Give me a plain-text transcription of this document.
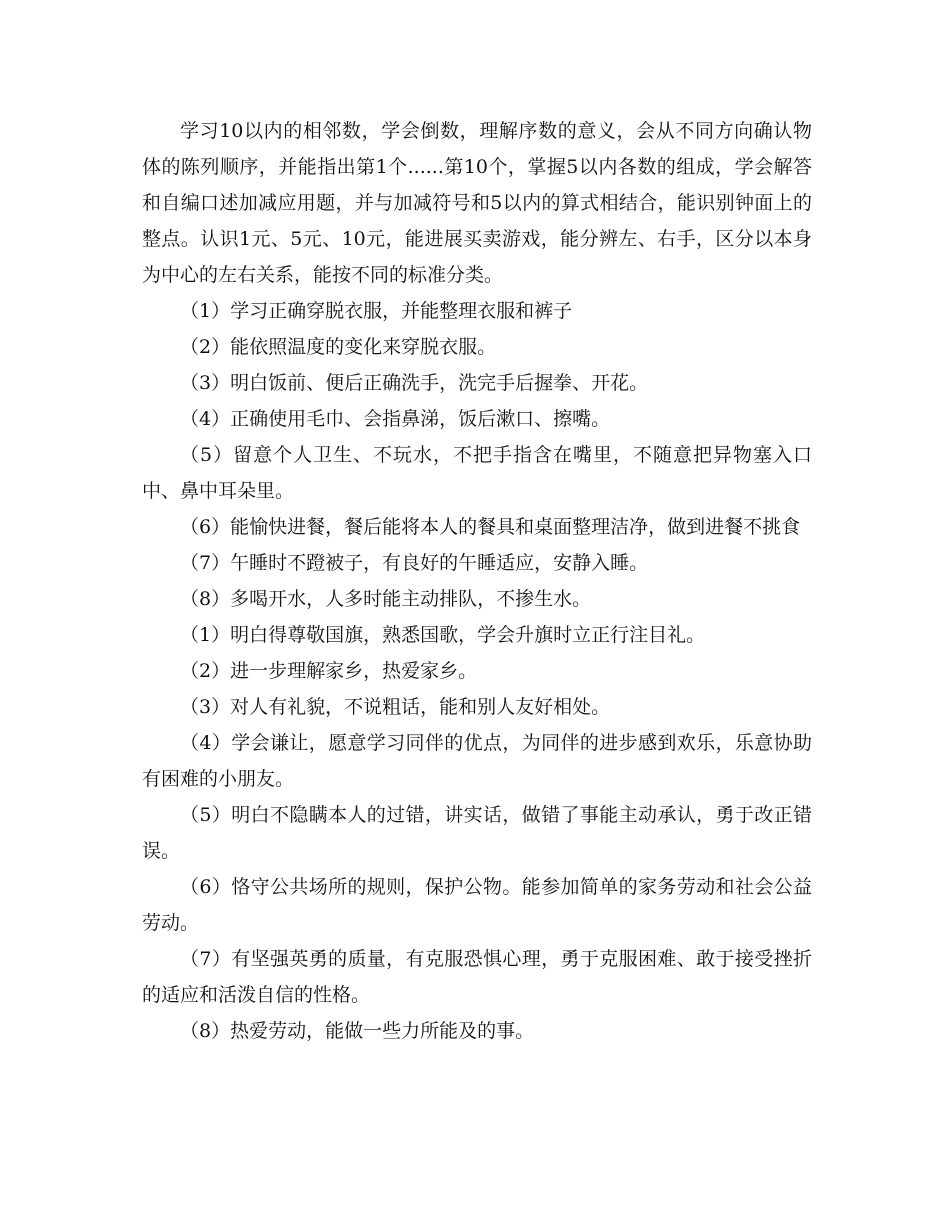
学习10以内的相邻数，学会倒数，理解序数的意义，会从不同方向确认物体的陈列顺序，并能指出第1个......第10个，掌握5以内各数的组成，学会解答和自编口述加减应用题，并与加减符号和5以内的算式相结合，能识别钟面上的整点。认识1元、5元、10元，能进展买卖游戏，能分辨左、右手，区分以本身为中心的左右关系，能按不同的标准分类。

（1）学习正确穿脱衣服，并能整理衣服和裤子

（2）能依照温度的变化来穿脱衣服。

（3）明白饭前、便后正确洗手，洗完手后握拳、开花。

（4）正确使用毛巾、会指鼻涕，饭后漱口、擦嘴。

（5）留意个人卫生、不玩水，不把手指含在嘴里，不随意把异物塞入口中、鼻中耳朵里。

（6）能愉快进餐，餐后能将本人的餐具和桌面整理洁净，做到进餐不挑食

（7）午睡时不蹬被子，有良好的午睡适应，安静入睡。

（8）多喝开水，人多时能主动排队，不掺生水。

（1）明白得尊敬国旗，熟悉国歌，学会升旗时立正行注目礼。

（2）进一步理解家乡，热爱家乡。

（3）对人有礼貌，不说粗话，能和别人友好相处。

（4）学会谦让，愿意学习同伴的优点，为同伴的进步感到欢乐，乐意协助有困难的小朋友。

（5）明白不隐瞒本人的过错，讲实话，做错了事能主动承认，勇于改正错误。

（6）恪守公共场所的规则，保护公物。能参加简单的家务劳动和社会公益劳动。

（7）有坚强英勇的质量，有克服恐惧心理，勇于克服困难、敢于接受挫折的适应和活泼自信的性格。

（8）热爱劳动，能做一些力所能及的事。
